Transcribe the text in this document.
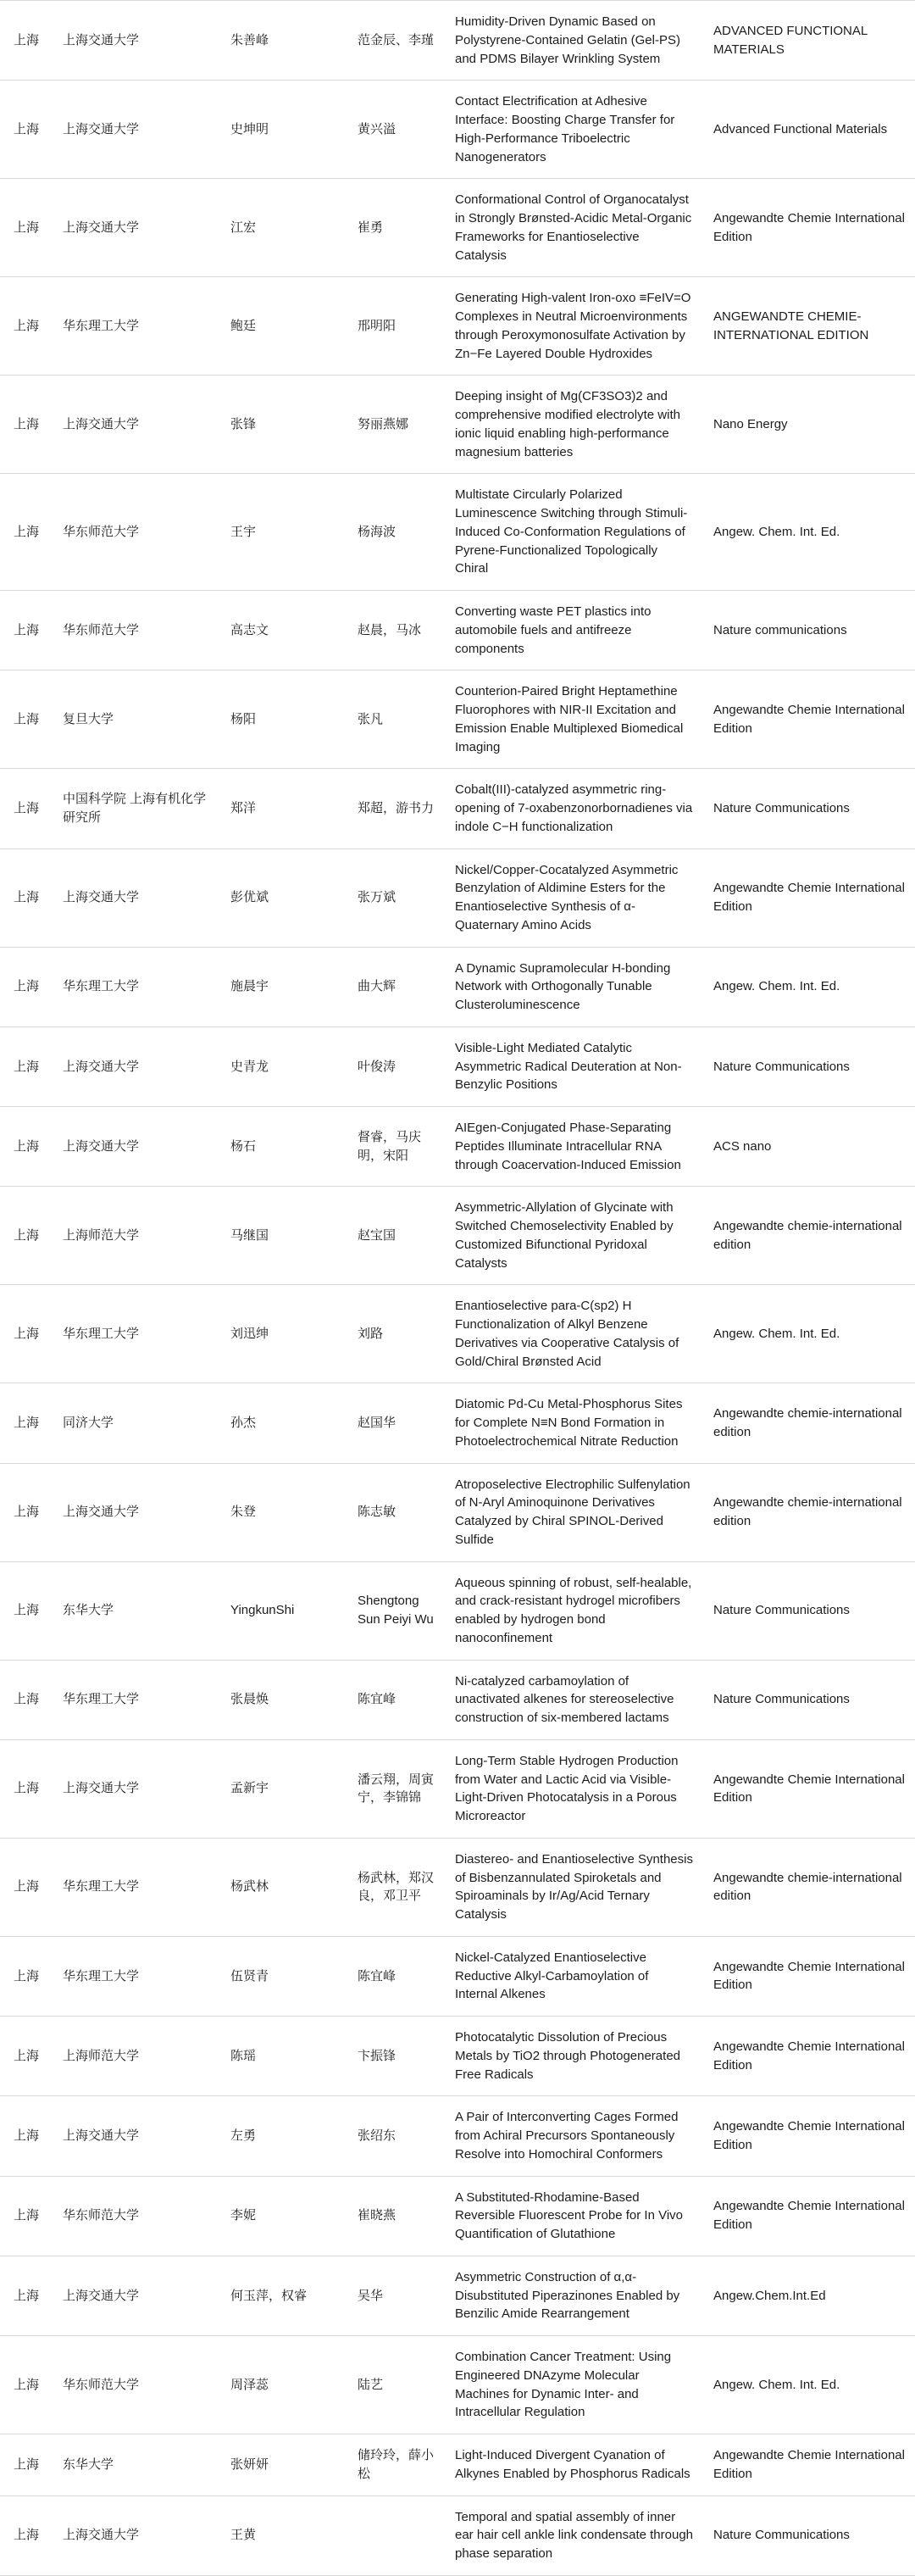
上海	上海交通大学	朱善峰	范金辰、李瑾	Humidity-Driven Dynamic Based on Polystyrene-Contained Gelatin (Gel-PS) and PDMS Bilayer Wrinkling System	ADVANCED FUNCTIONAL MATERIALS

上海	上海交通大学	史坤明	黄兴溢	Contact Electrification at Adhesive Interface: Boosting Charge Transfer for High-Performance Triboelectric Nanogenerators	Advanced Functional Materials

上海	上海交通大学	江宏	崔勇	Conformational Control of Organocatalyst in Strongly Brønsted-Acidic Metal-Organic Frameworks for Enantioselective Catalysis	Angewandte Chemie International Edition

上海	华东理工大学	鲍廷	邢明阳	Generating High-valent Iron-oxo ≡FeIV=O Complexes in Neutral Microenvironments through Peroxymonosulfate Activation by Zn−Fe Layered Double Hydroxides	ANGEWANDTE CHEMIE-INTERNATIONAL EDITION

上海	上海交通大学	张锋	努丽燕娜	Deeping insight of Mg(CF3SO3)2 and comprehensive modified electrolyte with ionic liquid enabling high-performance magnesium batteries	Nano Energy

上海	华东师范大学	王宇	杨海波	Multistate Circularly Polarized Luminescence Switching through Stimuli-Induced Co-Conformation Regulations of Pyrene-Functionalized Topologically Chiral	Angew. Chem. Int. Ed.

上海	华东师范大学	高志文	赵晨，马冰	Converting waste PET plastics into automobile fuels and antifreeze components	Nature communications

上海	复旦大学	杨阳	张凡	Counterion-Paired Bright Heptamethine Fluorophores with NIR-II Excitation and Emission Enable Multiplexed Biomedical Imaging	Angewandte Chemie International Edition

上海	中国科学院 上海有机化学研究所	郑洋	郑超，游书力	Cobalt(III)-catalyzed asymmetric ring-opening of 7-oxabenzonorbornadienes via indole C−H functionalization	Nature Communications

上海	上海交通大学	彭优斌	张万斌	Nickel/Copper-Cocatalyzed Asymmetric Benzylation of Aldimine Esters for the Enantioselective Synthesis of α-Quaternary Amino Acids	Angewandte Chemie International Edition

上海	华东理工大学	施晨宇	曲大辉	A Dynamic Supramolecular H-bonding Network with Orthogonally Tunable Clusteroluminescence	Angew. Chem. Int. Ed.

上海	上海交通大学	史青龙	叶俊涛	Visible-Light Mediated Catalytic Asymmetric Radical Deuteration at Non-Benzylic Positions	Nature Communications

上海	上海交通大学	杨石	督睿，马庆明，宋阳	AIEgen-Conjugated Phase-Separating Peptides Illuminate Intracellular RNA through Coacervation-Induced Emission	ACS nano

上海	上海师范大学	马继国	赵宝国	Asymmetric-Allylation of Glycinate with Switched Chemoselectivity Enabled by Customized Bifunctional Pyridoxal Catalysts	Angewandte chemie-international edition

上海	华东理工大学	刘迅绅	刘路	Enantioselective para-C(sp2) H Functionalization of Alkyl Benzene Derivatives via Cooperative Catalysis of Gold/Chiral Brønsted Acid	Angew. Chem. Int. Ed.

上海	同济大学	孙杰	赵国华	Diatomic Pd-Cu Metal-Phosphorus Sites for Complete N≡N Bond Formation in Photoelectrochemical Nitrate Reduction	Angewandte chemie-international edition

上海	上海交通大学	朱登	陈志敏	Atroposelective Electrophilic Sulfenylation of N-Aryl Aminoquinone Derivatives Catalyzed by Chiral SPINOL-Derived Sulfide	Angewandte chemie-international edition

上海	东华大学	YingkunShi	Shengtong Sun Peiyi Wu	Aqueous spinning of robust, self-healable, and crack-resistant hydrogel microfibers enabled by hydrogen bond nanoconfinement	Nature Communications

上海	华东理工大学	张晨焕	陈宜峰	Ni-catalyzed carbamoylation of unactivated alkenes for stereoselective construction of six-membered lactams	Nature Communications

上海	上海交通大学	孟新宇	潘云翔，周寅宁，李锦锦	Long-Term Stable Hydrogen Production from Water and Lactic Acid via Visible-Light-Driven Photocatalysis in a Porous Microreactor	Angewandte Chemie International Edition

上海	华东理工大学	杨武林	杨武林，郑汉良，邓卫平	Diastereo- and Enantioselective Synthesis of Bisbenzannulated Spiroketals and Spiroaminals by Ir/Ag/Acid Ternary Catalysis	Angewandte chemie-international edition

上海	华东理工大学	伍贤青	陈宜峰	Nickel-Catalyzed Enantioselective Reductive Alkyl-Carbamoylation of Internal Alkenes	Angewandte Chemie International Edition

上海	上海师范大学	陈瑶	卞振锋	Photocatalytic Dissolution of Precious Metals by TiO2 through Photogenerated Free Radicals	Angewandte Chemie International Edition

上海	上海交通大学	左勇	张绍东	A Pair of Interconverting Cages Formed from Achiral Precursors Spontaneously Resolve into Homochiral Conformers	Angewandte Chemie International Edition

上海	华东师范大学	李妮	崔晓燕	A Substituted-Rhodamine-Based Reversible Fluorescent Probe for In Vivo Quantification of Glutathione	Angewandte Chemie International Edition

上海	上海交通大学	何玉萍，权睿	吴华	Asymmetric Construction of α,α-Disubstituted Piperazinones Enabled by Benzilic Amide Rearrangement	Angew.Chem.Int.Ed

上海	华东师范大学	周泽蕊	陆艺	Combination Cancer Treatment: Using Engineered DNAzyme Molecular Machines for Dynamic Inter- and Intracellular Regulation	Angew. Chem. Int. Ed.

上海	东华大学	张妍妍	储玲玲，薛小松	Light-Induced Divergent Cyanation of Alkynes Enabled by Phosphorus Radicals	Angewandte Chemie International Edition

上海	上海交通大学	王黄		Temporal and spatial assembly of inner ear hair cell ankle link condensate through phase separation	Nature Communications
